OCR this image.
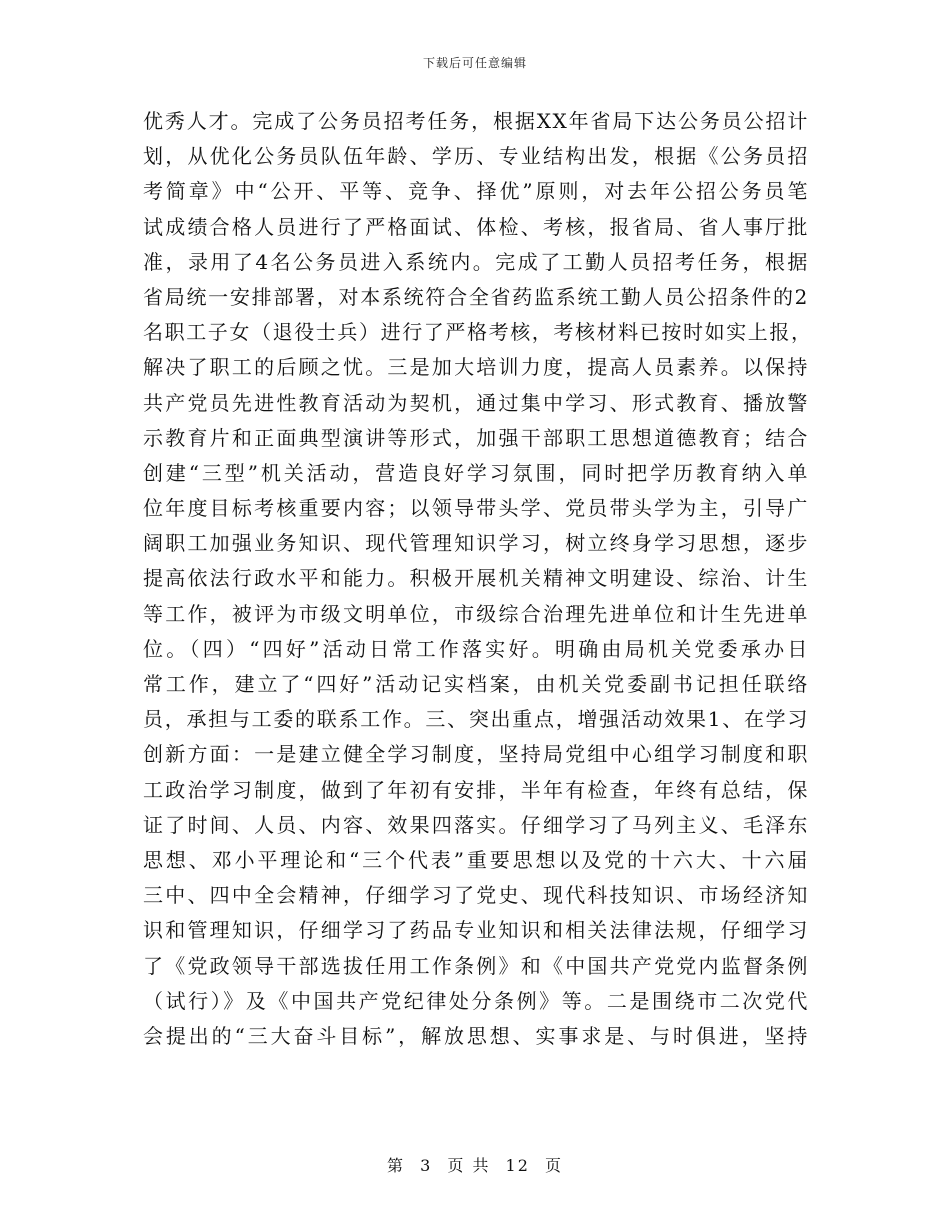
下载后可任意编辑
优秀人才。完成了公务员招考任务，根据XX年省局下达公务员公招计
划，从优化公务员队伍年龄、学历、专业结构出发，根据《公务员招
考简章》中“公开、平等、竞争、择优”原则，对去年公招公务员笔
试成绩合格人员进行了严格面试、体检、考核，报省局、省人事厅批
准，录用了4名公务员进入系统内。完成了工勤人员招考任务，根据
省局统一安排部署，对本系统符合全省药监系统工勤人员公招条件的2
名职工子女（退役士兵）进行了严格考核，考核材料已按时如实上报，
解决了职工的后顾之忧。三是加大培训力度，提高人员素养。以保持
共产党员先进性教育活动为契机，通过集中学习、形式教育、播放警
示教育片和正面典型演讲等形式，加强干部职工思想道德教育；结合
创建“三型”机关活动，营造良好学习氛围，同时把学历教育纳入单
位年度目标考核重要内容；以领导带头学、党员带头学为主，引导广
阔职工加强业务知识、现代管理知识学习，树立终身学习思想，逐步
提高依法行政水平和能力。积极开展机关精神文明建设、综治、计生
等工作，被评为市级文明单位，市级综合治理先进单位和计生先进单
位。（四）“四好”活动日常工作落实好。明确由局机关党委承办日
常工作，建立了“四好”活动记实档案，由机关党委副书记担任联络
员，承担与工委的联系工作。三、突出重点，增强活动效果1、在学习
创新方面：一是建立健全学习制度，坚持局党组中心组学习制度和职
工政治学习制度，做到了年初有安排，半年有检查，年终有总结，保
证了时间、人员、内容、效果四落实。仔细学习了马列主义、毛泽东
思想、邓小平理论和“三个代表”重要思想以及党的十六大、十六届
三中、四中全会精神，仔细学习了党史、现代科技知识、市场经济知
识和管理知识，仔细学习了药品专业知识和相关法律法规，仔细学习
了《党政领导干部选拔任用工作条例》和《中国共产党党内监督条例
（试行）》及《中国共产党纪律处分条例》等。二是围绕市二次党代
会提出的“三大奋斗目标”，解放思想、实事求是、与时俱进，坚持
第 3 页 共 12 页
